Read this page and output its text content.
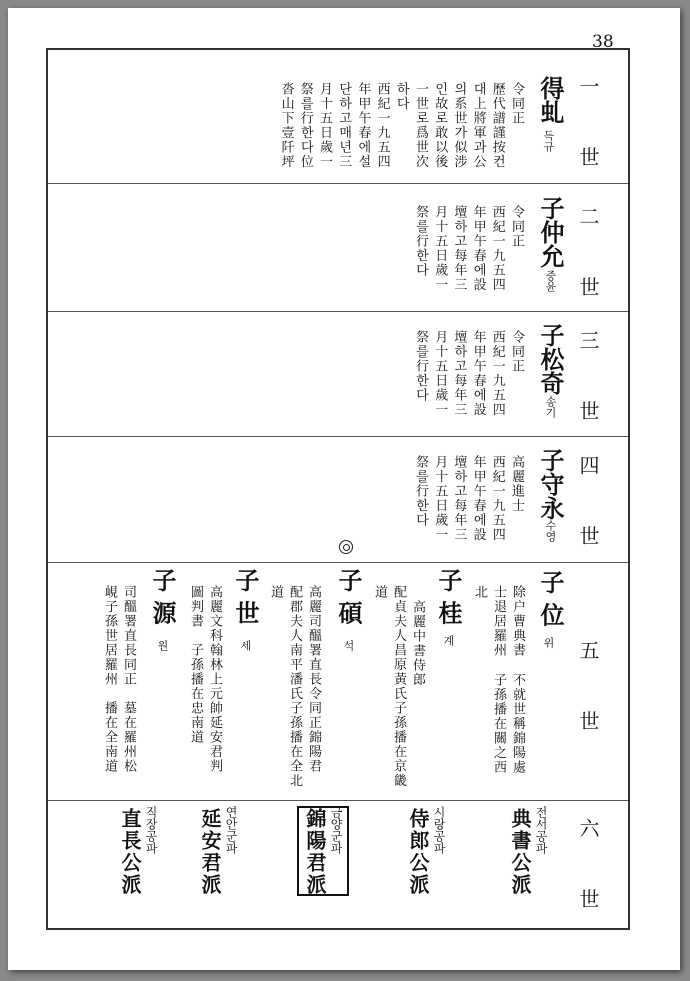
38
一 世
二 世
三 世
四 世
五 世
六 世
得虬
득규
令同正
歷代譜謹按컨
대上將軍과公
의系世가似涉
인故로敢以後
一世로爲世次
하다
西紀一九五四
年甲午春에설
단하고매년三
月十五日歲一
祭를行한다位
沓山下壹阡坪
子仲允
중윤
令同正
西紀一九五四
年甲午春에設
壇하고每年三
月十五日歲一
祭를行한다
子松奇
송기
令同正
西紀一九五四
年甲午春에設
壇하고每年三
月十五日歲一
祭를行한다
子守永
수영
高麗進士
西紀一九五四
年甲午春에設
壇하고每年三
月十五日歲一
祭를行한다
子 位
위
除户曹典書
士退居羅州
北
不就世稱錦陽處
子孫播在關之西
子 桂
계
高麗中書侍郎
配貞夫人昌原黃氏子孫播在京畿
道
子 碩
석
高麗司醞署直長令同正錦陽君
配郡夫人南平潘氏子孫播在全北
道
子 世
세
高麗文科翰林上元帥延安君判
圖判書　子孫播在忠南道
子 源
원
司醞署直長同正　墓在羅州松
峴子孫世居羅州　播在全南道
典書公派 전서공파
侍郎公派 시랑공파
錦陽君派 금양군파
延安君派 연안군파
直長公派 직장공파
